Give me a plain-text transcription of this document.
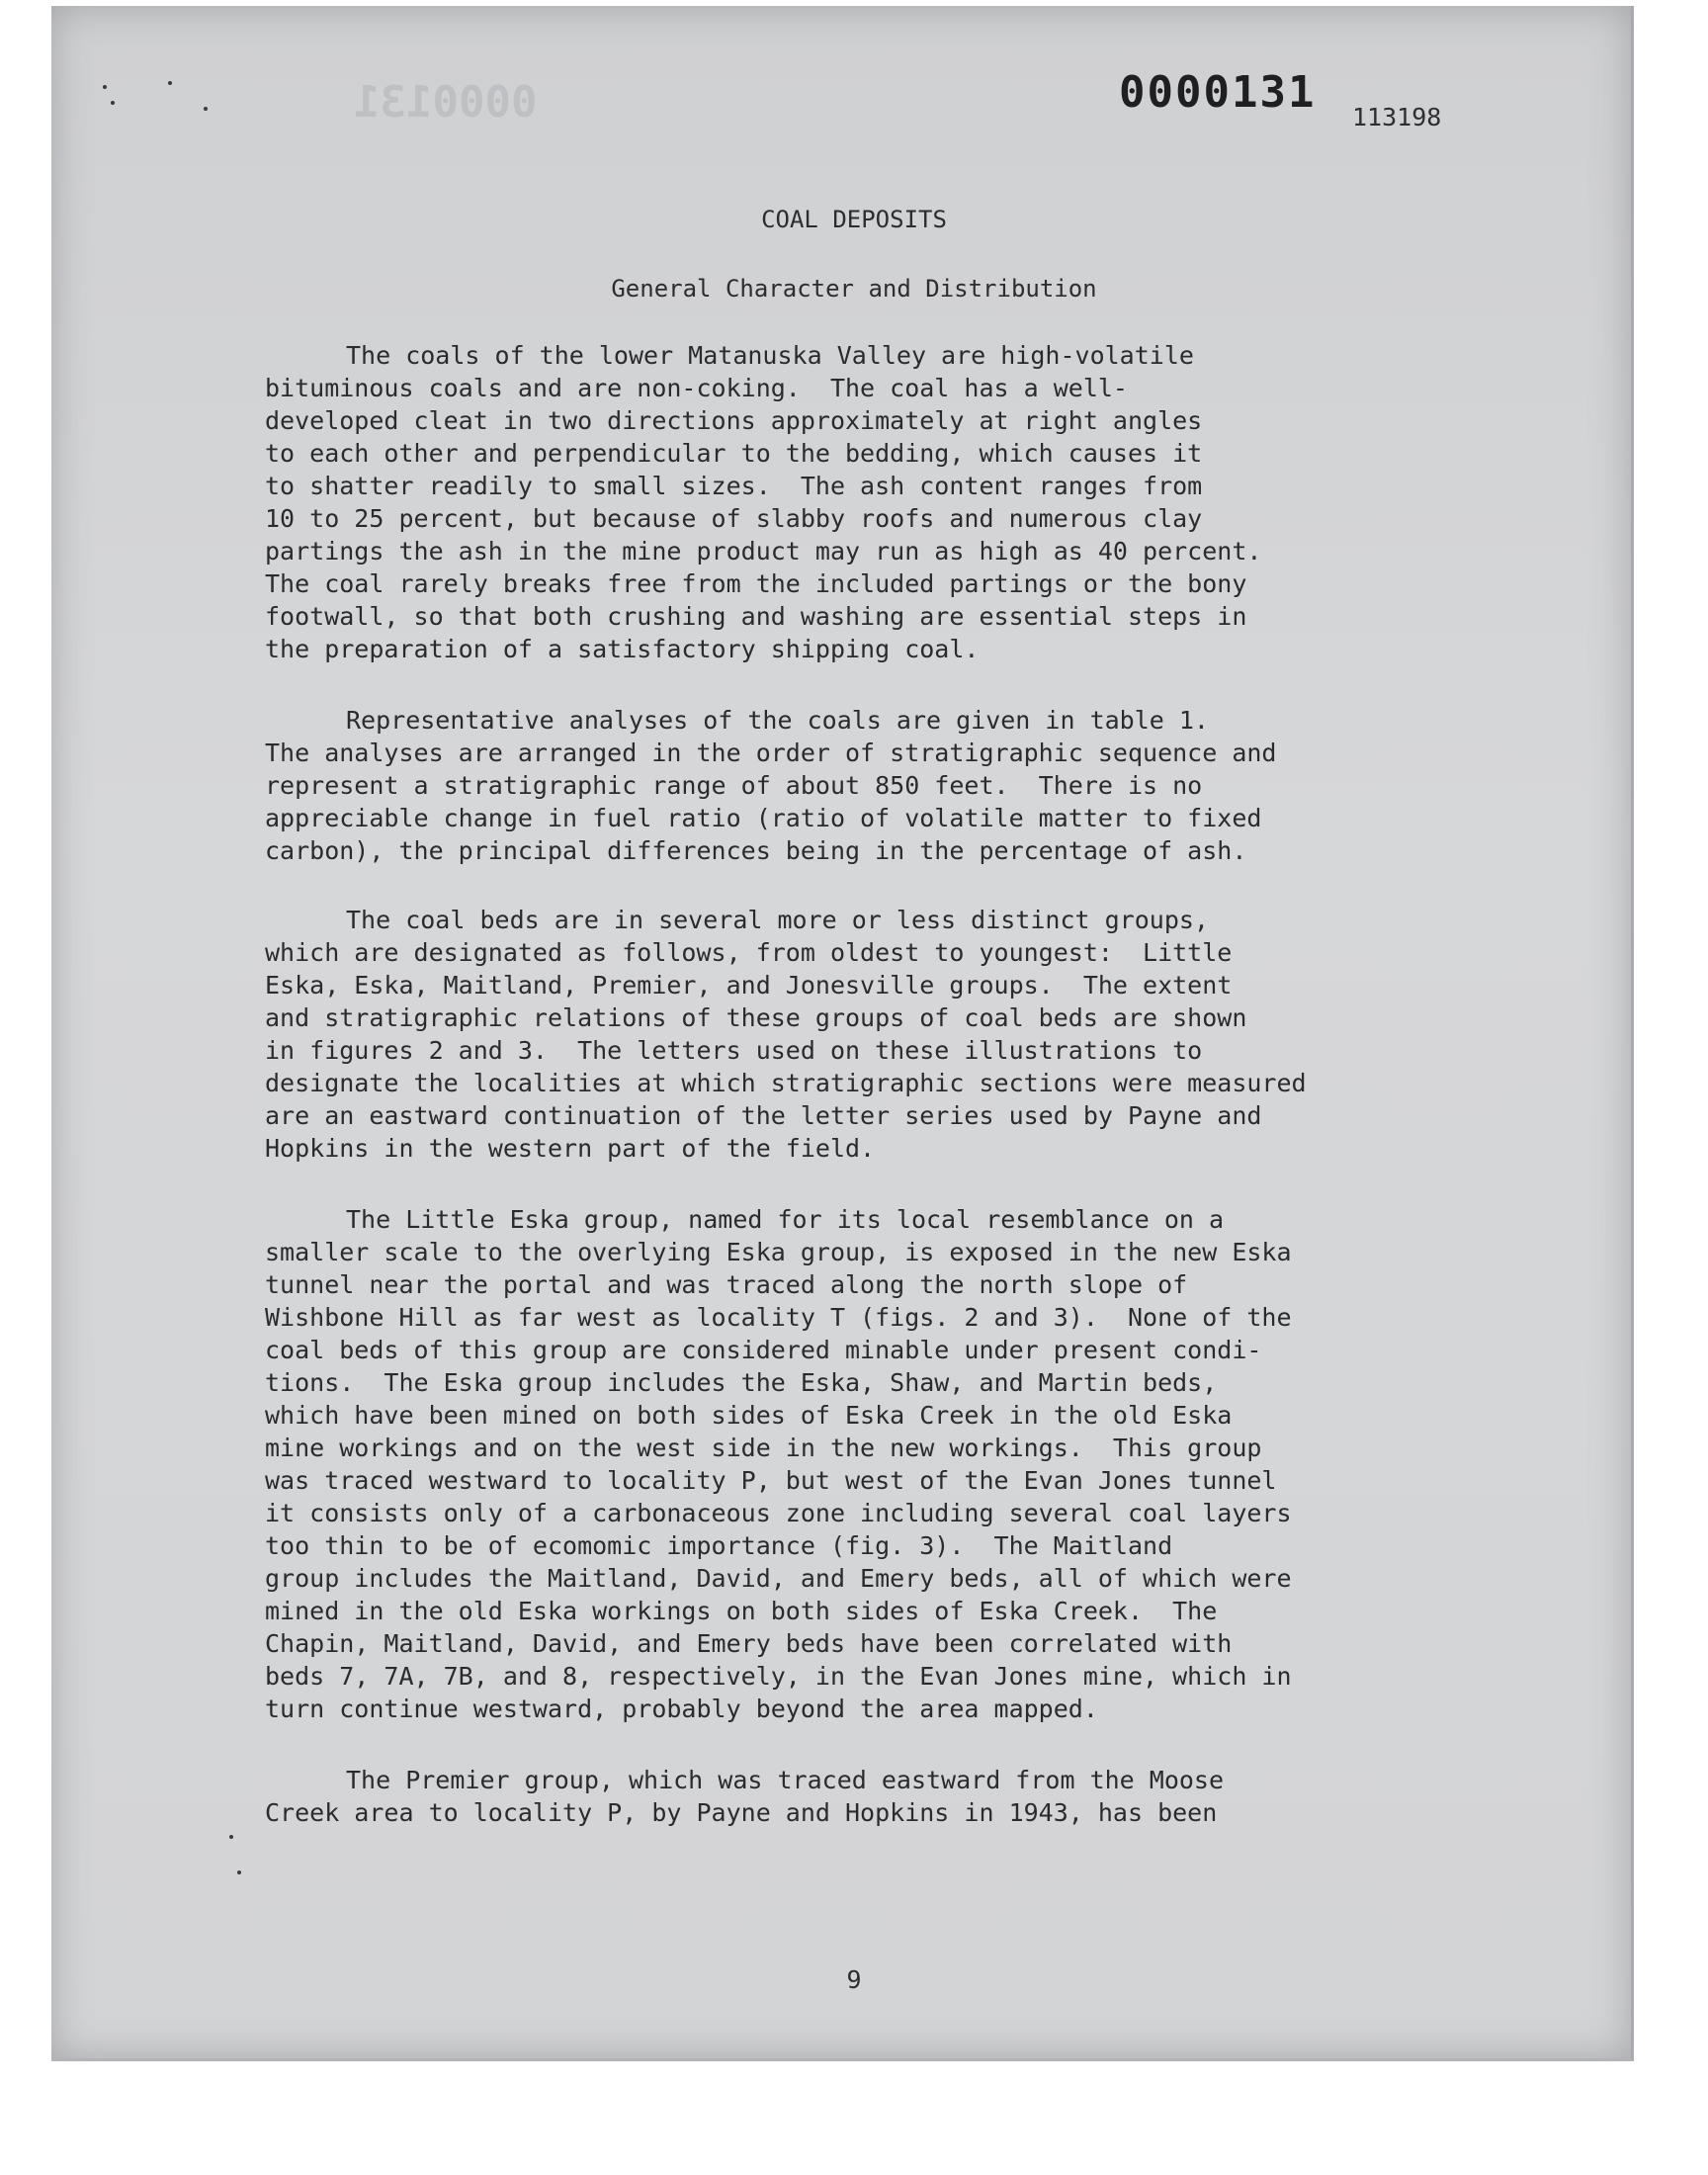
0000131	0000131 113198
COAL DEPOSITS
General Character and Distribution
The coals of the lower Matanuska Valley are high-volatile
bituminous coals and are non-coking.  The coal has a well-
developed cleat in two directions approximately at right angles
to each other and perpendicular to the bedding, which causes it
to shatter readily to small sizes.  The ash content ranges from
10 to 25 percent, but because of slabby roofs and numerous clay
partings the ash in the mine product may run as high as 40 percent.
The coal rarely breaks free from the included partings or the bony
footwall, so that both crushing and washing are essential steps in
the preparation of a satisfactory shipping coal.
Representative analyses of the coals are given in table 1.
The analyses are arranged in the order of stratigraphic sequence and
represent a stratigraphic range of about 850 feet.  There is no
appreciable change in fuel ratio (ratio of volatile matter to fixed
carbon), the principal differences being in the percentage of ash.
The coal beds are in several more or less distinct groups,
which are designated as follows, from oldest to youngest:  Little
Eska, Eska, Maitland, Premier, and Jonesville groups.  The extent
and stratigraphic relations of these groups of coal beds are shown
in figures 2 and 3.  The letters used on these illustrations to
designate the localities at which stratigraphic sections were measured
are an eastward continuation of the letter series used by Payne and
Hopkins in the western part of the field.
The Little Eska group, named for its local resemblance on a
smaller scale to the overlying Eska group, is exposed in the new Eska
tunnel near the portal and was traced along the north slope of
Wishbone Hill as far west as locality T (figs. 2 and 3).  None of the
coal beds of this group are considered minable under present condi-
tions.  The Eska group includes the Eska, Shaw, and Martin beds,
which have been mined on both sides of Eska Creek in the old Eska
mine workings and on the west side in the new workings.  This group
was traced westward to locality P, but west of the Evan Jones tunnel
it consists only of a carbonaceous zone including several coal layers
too thin to be of ecomomic importance (fig. 3).  The Maitland
group includes the Maitland, David, and Emery beds, all of which were
mined in the old Eska workings on both sides of Eska Creek.  The
Chapin, Maitland, David, and Emery beds have been correlated with
beds 7, 7A, 7B, and 8, respectively, in the Evan Jones mine, which in
turn continue westward, probably beyond the area mapped.
The Premier group, which was traced eastward from the Moose
Creek area to locality P, by Payne and Hopkins in 1943, has been
9
